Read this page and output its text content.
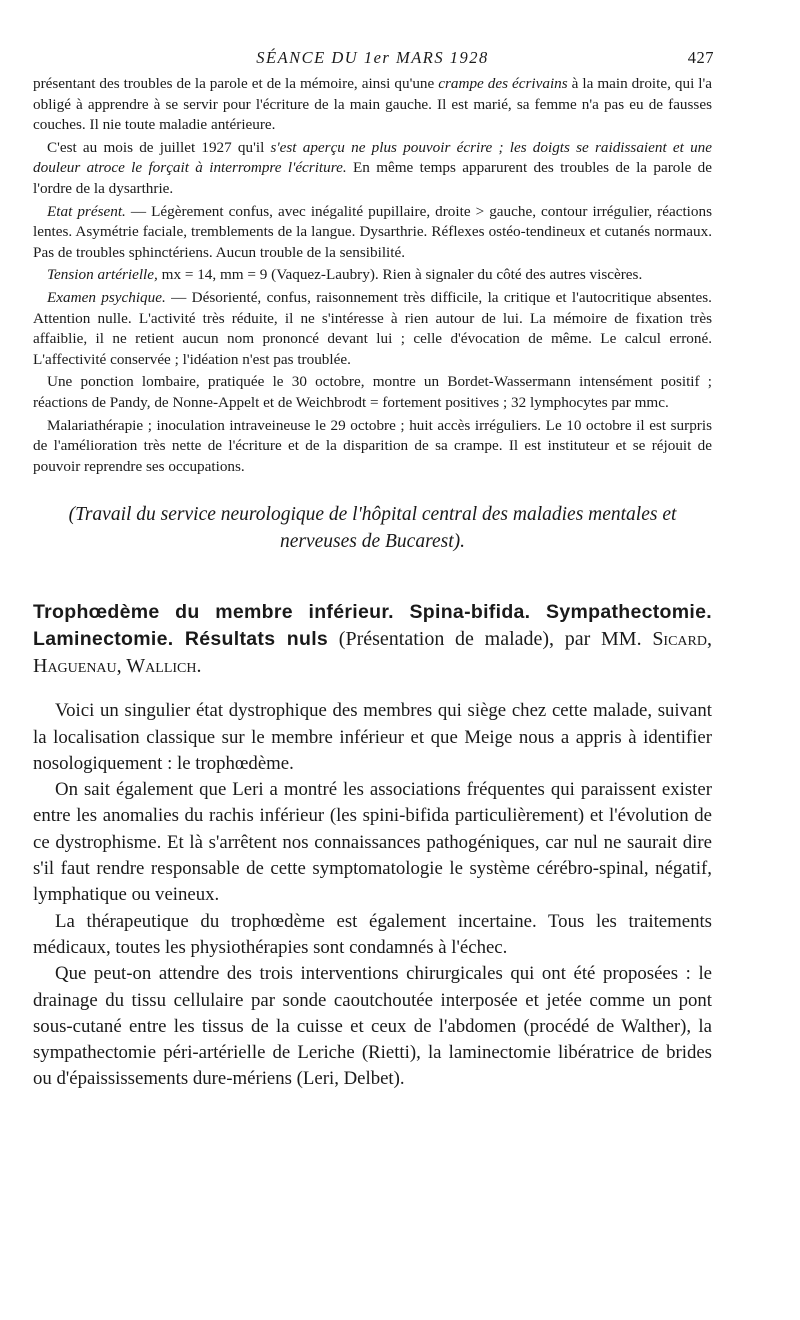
SÉANCE DU 1er MARS 1928	427

présentant des troubles de la parole et de la mémoire, ainsi qu'une crampe des écrivains à la main droite, qui l'a obligé à apprendre à se servir pour l'écriture de la main gauche. Il est marié, sa femme n'a pas eu de fausses couches. Il nie toute maladie antérieure.

C'est au mois de juillet 1927 qu'il s'est aperçu ne plus pouvoir écrire ; les doigts se raidissaient et une douleur atroce le forçait à interrompre l'écriture. En même temps apparurent des troubles de la parole de l'ordre de la dysarthrie.

Etat présent. — Légèrement confus, avec inégalité pupillaire, droite > gauche, contour irrégulier, réactions lentes. Asymétrie faciale, tremblements de la langue. Dysarthrie. Réflexes ostéo-tendineux et cutanés normaux. Pas de troubles sphinctériens. Aucun trouble de la sensibilité.

Tension artérielle, mx = 14, mm = 9 (Vaquez-Laubry). Rien à signaler du côté des autres viscères.

Examen psychique. — Désorienté, confus, raisonnement très difficile, la critique et l'autocritique absentes. Attention nulle. L'activité très réduite, il ne s'intéresse à rien autour de lui. La mémoire de fixation très affaiblie, il ne retient aucun nom prononcé devant lui ; celle d'évocation de même. Le calcul erroné. L'affectivité conservée ; l'idéation n'est pas troublée.

Une ponction lombaire, pratiquée le 30 octobre, montre un Bordet-Wassermann intensément positif ; réactions de Pandy, de Nonne-Appelt et de Weichbrodt = fortement positives ; 32 lymphocytes par mmc.

Malariathérapie ; inoculation intraveineuse le 29 octobre ; huit accès irréguliers. Le 10 octobre il est surpris de l'amélioration très nette de l'écriture et de la disparition de sa crampe. Il est instituteur et se réjouit de pouvoir reprendre ses occupations.

(Travail du service neurologique de l'hôpital central des maladies mentales et nerveuses de Bucarest).
Trophœdème du membre inférieur. Spina-bifida. Sympathectomie. Laminectomie. Résultats nuls (Présentation de malade), par MM. Sicard, Haguenau, Wallich.

Voici un singulier état dystrophique des membres qui siège chez cette malade, suivant la localisation classique sur le membre inférieur et que Meige nous a appris à identifier nosologiquement : le trophœdème.

On sait également que Leri a montré les associations fréquentes qui paraissent exister entre les anomalies du rachis inférieur (les spini-bifida particulièrement) et l'évolution de ce dystrophisme. Et là s'arrêtent nos connaissances pathogéniques, car nul ne saurait dire s'il faut rendre responsable de cette symptomatologie le système cérébro-spinal, négatif, lymphatique ou veineux.

La thérapeutique du trophœdème est également incertaine. Tous les traitements médicaux, toutes les physiothérapies sont condamnés à l'échec.

Que peut-on attendre des trois interventions chirurgicales qui ont été proposées : le drainage du tissu cellulaire par sonde caoutchoutée interposée et jetée comme un pont sous-cutané entre les tissus de la cuisse et ceux de l'abdomen (procédé de Walther), la sympathectomie péri-artérielle de Leriche (Rietti), la laminectomie libératrice de brides ou d'épaississements dure-mériens (Leri, Delbet).
